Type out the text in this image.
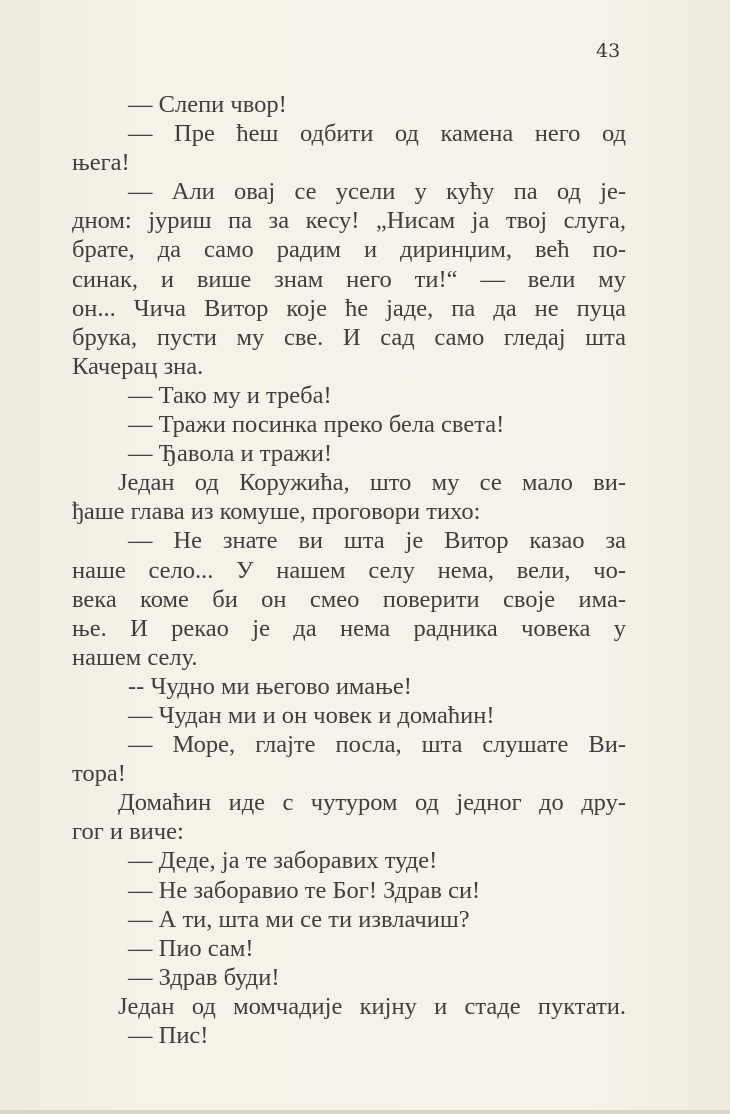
43
— Слепи чвор!
— Пре ћеш одбити од камена него од
њега!
— Али овај се усели у кућу па од је-
дном: јуриш па за кесу! „Нисам ја твој слуга,
брате, да само радим и диринџим, већ по-
синак, и више знам него ти!“ — вели му
он... Чича Витор које ће јаде, па да не пуца
брука, пусти му све. И сад само гледај шта
Качерац зна.
— Тако му и треба!
— Тражи посинка преко бела света!
— Ђавола и тражи!
Један од Коружића, што му се мало ви-
ђаше глава из комуше, проговори тихо:
— Не знате ви шта је Витор казао за
наше село... У нашем селу нема, вели, чо-
века коме би он смео поверити своје има-
ње. И рекао је да нема радника човека у
нашем селу.
-- Чудно ми његово имање!
— Чудан ми и он човек и домаћин!
— Море, глајте посла, шта слушате Ви-
тора!
Домаћин иде с чутуром од једног до дру-
гог и виче:
— Деде, ја те заборавих туде!
— Не заборавио те Бог! Здрав си!
— А ти, шта ми се ти извлачиш?
— Пио сам!
— Здрав буди!
Један од момчадије кијну и стаде пуктати.
— Пис!
